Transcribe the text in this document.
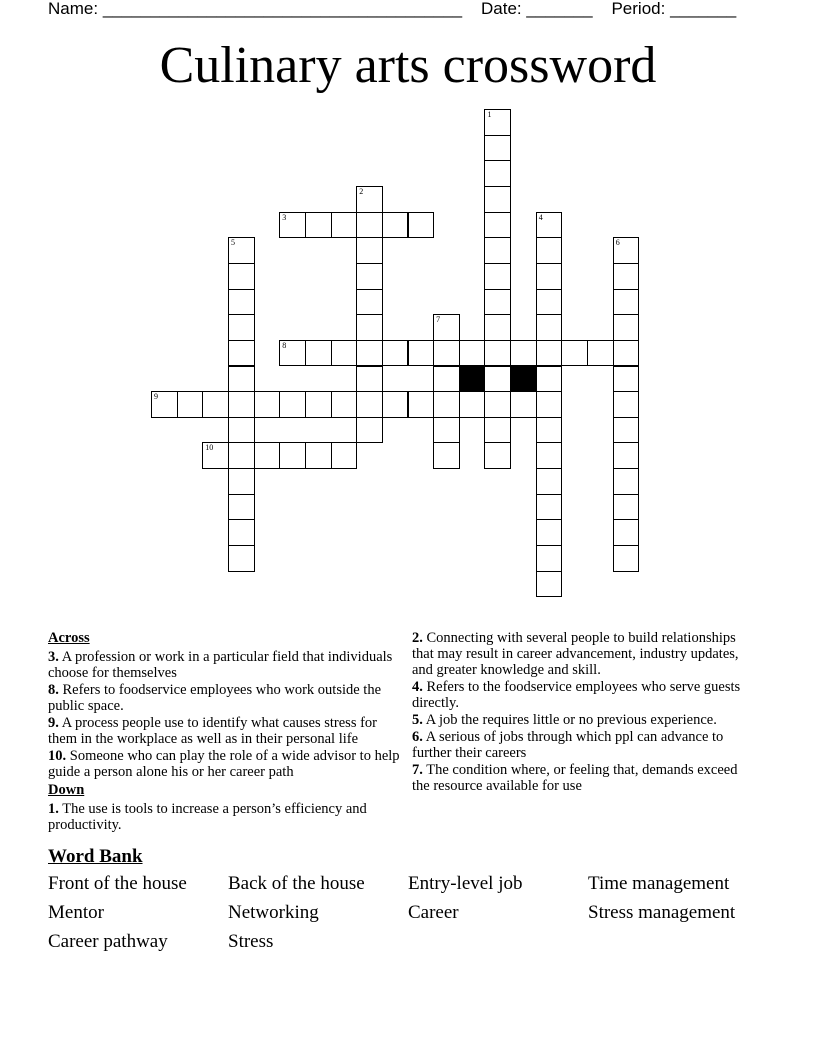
Name: ______________________________________ Date: _______ Period: _______
Culinary arts crossword
1
2
3	4
5	6
7
8
9
10
Across
3. A profession or work in a particular field that individuals choose for themselves
8. Refers to foodservice employees who work outside the public space.
9. A process people use to identify what causes stress for them in the workplace as well as in their personal life
10. Someone who can play the role of a wide advisor to help guide a person alone his or her career path
Down
1. The use is tools to increase a person’s efficiency and productivity.
2. Connecting with several people to build relationships that may result in career advancement, industry updates, and greater knowledge and skill.
4. Refers to the foodservice employees who serve guests directly.
5. A job the requires little or no previous experience.
6. A serious of jobs through which ppl can advance to further their careers
7. The condition where, or feeling that, demands exceed the resource available for use
Word Bank
Front of the house	Back of the house	Entry-level job	Time management
Mentor	Networking	Career	Stress management
Career pathway	Stress
